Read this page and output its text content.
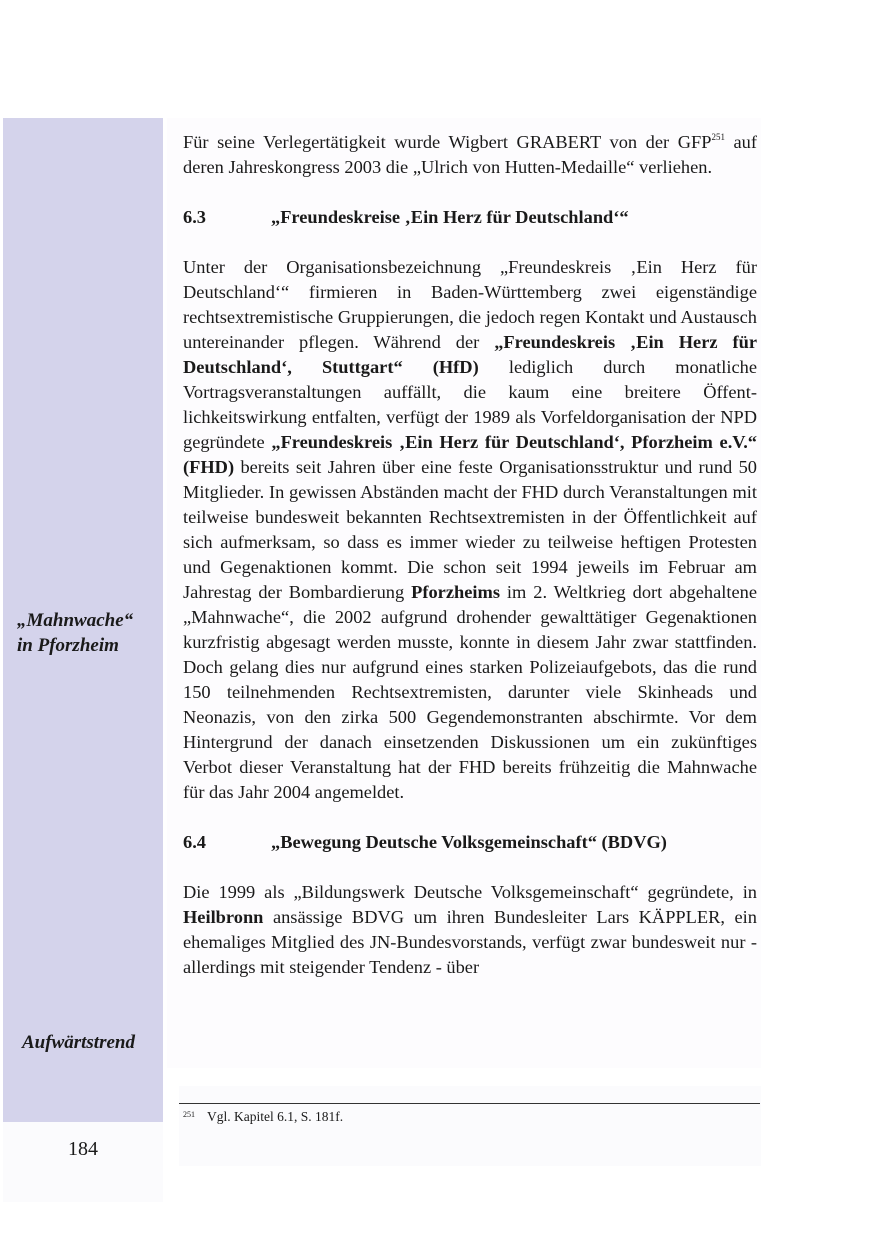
184
„Mahnwache“
in Pforzheim
Aufwärtstrend

Für seine Verlegertätigkeit wurde Wigbert GRABERT von der GFP$^{251}$ auf deren Jahreskongress 2003 die „Ulrich von Hutten-Medaille“ verliehen.

6.3	„Freundeskreise ‚Ein Herz für Deutschland‘“

Unter der Organisationsbezeichnung „Freundeskreis ‚Ein Herz für Deutschland‘“ firmieren in Baden-Württemberg zwei eigenständige rechtsextremistische Gruppierungen, die jedoch regen Kontakt und Austausch untereinander pflegen. Während der „Freundeskreis ‚Ein Herz für Deutschland‘, Stuttgart“ (HfD) lediglich durch monatliche Vortragsveranstaltungen auffällt, die kaum eine breitere Öffentlichkeitswirkung entfalten, verfügt der 1989 als Vorfeldorganisation der NPD gegründete „Freundeskreis ‚Ein Herz für Deutschland‘, Pforzheim e.V.“ (FHD) bereits seit Jahren über eine feste Organisationsstruktur und rund 50 Mitglieder. In gewissen Abständen macht der FHD durch Veranstaltungen mit teilweise bundesweit bekannten Rechtsextremisten in der Öffentlichkeit auf sich aufmerksam, so dass es immer wieder zu teilweise heftigen Protesten und Gegenaktionen kommt. Die schon seit 1994 jeweils im Februar am Jahrestag der Bombardierung Pforzheims im 2. Weltkrieg dort abgehaltene „Mahnwache“, die 2002 aufgrund drohender gewalttätiger Gegenaktionen kurzfristig abgesagt werden musste, konnte in diesem Jahr zwar stattfinden. Doch gelang dies nur aufgrund eines starken Polizeiaufgebots, das die rund 150 teilnehmenden Rechtsextremisten, darunter viele Skinheads und Neonazis, von den zirka 500 Gegendemonstranten abschirmte. Vor dem Hintergrund der danach einsetzenden Diskussionen um ein zukünftiges Verbot dieser Veranstaltung hat der FHD bereits frühzeitig die Mahnwache für das Jahr 2004 angemeldet.

6.4	„Bewegung Deutsche Volksgemeinschaft“ (BDVG)

Die 1999 als „Bildungswerk Deutsche Volksgemeinschaft“ gegründete, in Heilbronn ansässige BDVG um ihren Bundesleiter Lars KÄPPLER, ein ehemaliges Mitglied des JN-Bundesvorstands, verfügt zwar bundesweit nur - allerdings mit steigender Tendenz - über

$^{251}$ Vgl. Kapitel 6.1, S. 181f.
